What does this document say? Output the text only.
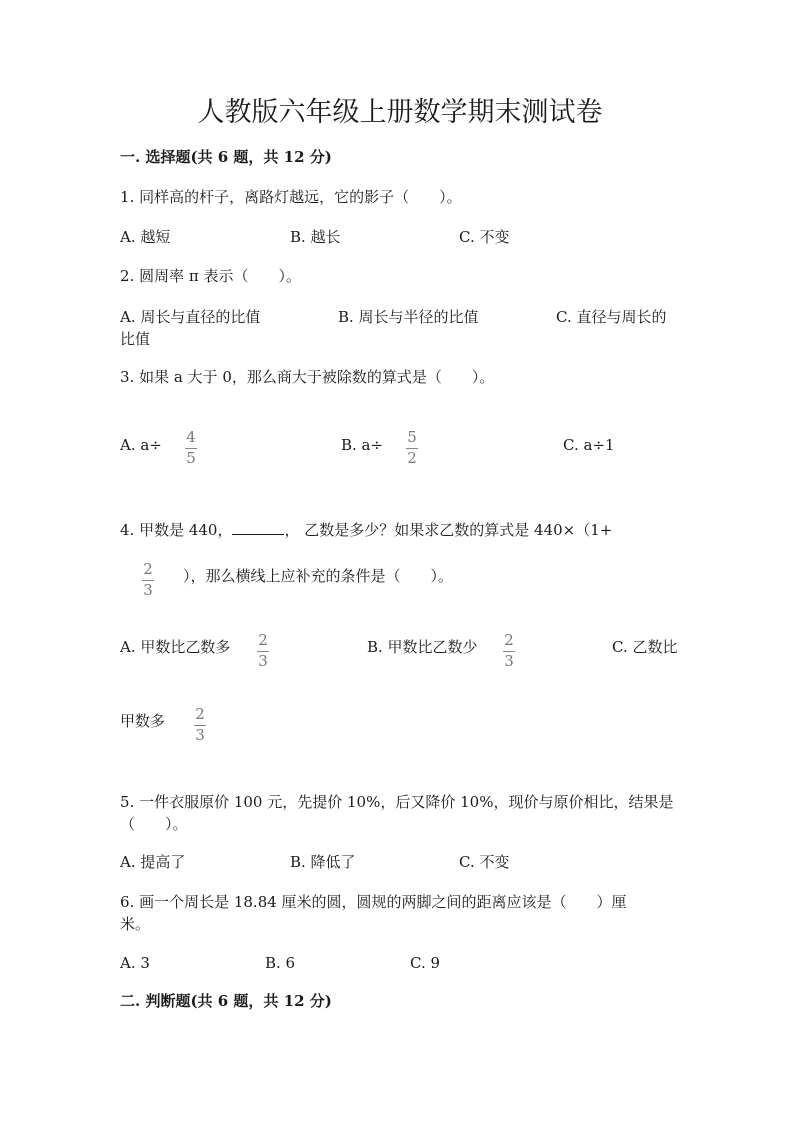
人教版六年级上册数学期末测试卷
一. 选择题(共 6 题，共 12 分)
1. 同样高的杆子，离路灯越远，它的影子（　　）。
A. 越短	B. 越长	C. 不变
2. 圆周率 π 表示（　　）。
A. 周长与直径的比值	B. 周长与半径的比值	C. 直径与周长的
比值
3. 如果 a 大于 0，那么商大于被除数的算式是（　　）。
A. a÷ 4
5
B. a÷ 5
2
C. a÷1
4. 甲数是 440，	， 乙数是多少？如果求乙数的算式是 440×（1+
2
3
），那么横线上应补充的条件是（　　）。
A. 甲数比乙数多 2
3
B. 甲数比乙数少 2
3
C. 乙数比
甲数多 2
3
5. 一件衣服原价 100 元，先提价 10%，后又降价 10%，现价与原价相比，结果是
（　　）。
A. 提高了	B. 降低了	C. 不变
6. 画一个周长是 18.84 厘米的圆，圆规的两脚之间的距离应该是（　　）厘
米。
A. 3	B. 6	C. 9
二. 判断题(共 6 题，共 12 分)
